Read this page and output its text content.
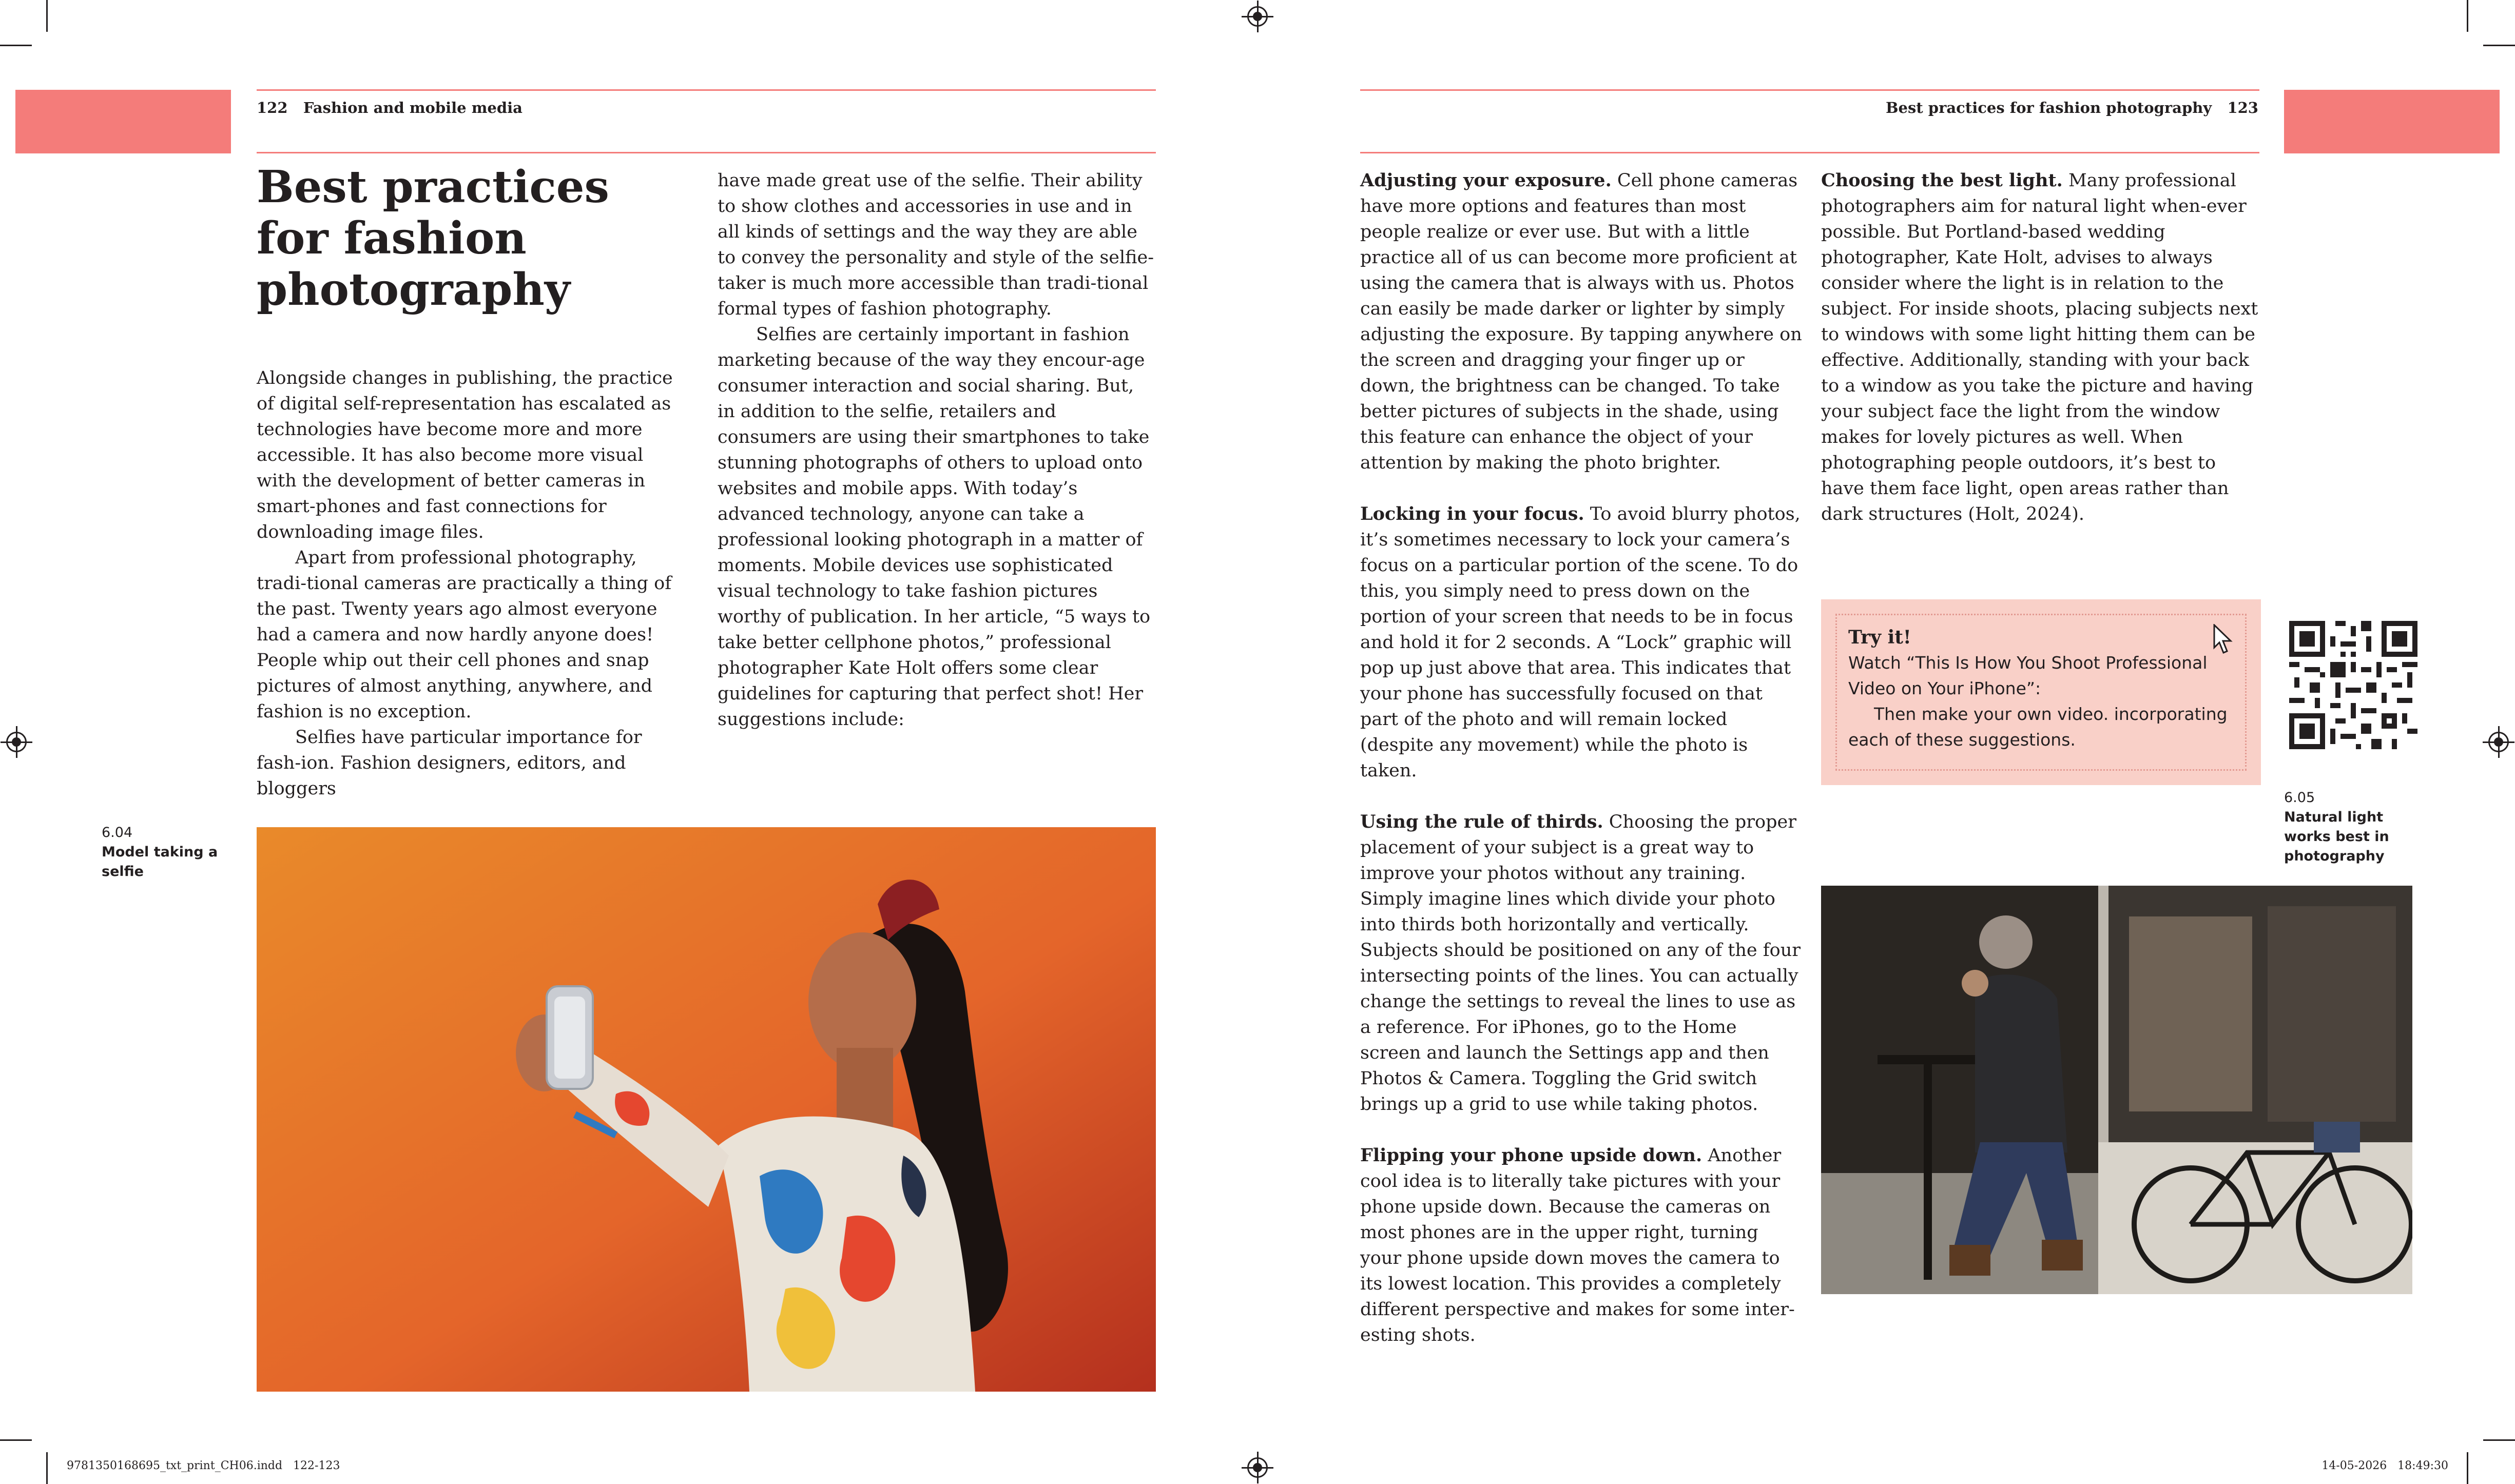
122 Fashion and mobile media	Best practices for fashion photography 123
Best practices for fashion photography

Alongside changes in publishing, the practice of digital self-representation has escalated as technologies have become more and more accessible. It has also become more visual with the development of better cameras in smart-phones and fast connections for downloading image files.

Apart from professional photography, tradi-tional cameras are practically a thing of the past. Twenty years ago almost everyone had a camera and now hardly anyone does! People whip out their cell phones and snap pictures of almost anything, anywhere, and fashion is no exception.

Selfies have particular importance for fash-ion. Fashion designers, editors, and bloggers

have made great use of the selfie. Their ability to show clothes and accessories in use and in all kinds of settings and the way they are able to convey the personality and style of the selfie-taker is much more accessible than tradi-tional formal types of fashion photography.

Selfies are certainly important in fashion marketing because of the way they encour-age consumer interaction and social sharing. But, in addition to the selfie, retailers and consumers are using their smartphones to take stunning photographs of others to upload onto websites and mobile apps. With today’s advanced technology, anyone can take a professional looking photograph in a matter of moments. Mobile devices use sophisticated visual technology to take fashion pictures worthy of publication. In her article, “5 ways to take better cellphone photos,” professional photographer Kate Holt offers some clear guidelines for capturing that perfect shot! Her suggestions include:

Adjusting your exposure. Cell phone cameras have more options and features than most people realize or ever use. But with a little practice all of us can become more proficient at using the camera that is always with us. Photos can easily be made darker or lighter by simply adjusting the exposure. By tapping anywhere on the screen and dragging your finger up or down, the brightness can be changed. To take better pictures of subjects in the shade, using this feature can enhance the object of your attention by making the photo brighter.

Locking in your focus. To avoid blurry photos, it’s sometimes necessary to lock your camera’s focus on a particular portion of the scene. To do this, you simply need to press down on the portion of your screen that needs to be in focus and hold it for 2 seconds. A “Lock” graphic will pop up just above that area. This indicates that your phone has successfully focused on that part of the photo and will remain locked (despite any movement) while the photo is taken.

Using the rule of thirds. Choosing the proper placement of your subject is a great way to improve your photos without any training. Simply imagine lines which divide your photo into thirds both horizontally and vertically. Subjects should be positioned on any of the four intersecting points of the lines. You can actually change the settings to reveal the lines to use as a reference. For iPhones, go to the Home screen and launch the Settings app and then Photos & Camera. Toggling the Grid switch brings up a grid to use while taking photos.

Flipping your phone upside down. Another cool idea is to literally take pictures with your phone upside down. Because the cameras on most phones are in the upper right, turning your phone upside down moves the camera to its lowest location. This provides a completely different perspective and makes for some inter-esting shots.

Choosing the best light. Many professional photographers aim for natural light when-ever possible. But Portland-based wedding photographer, Kate Holt, advises to always consider where the light is in relation to the subject. For inside shoots, placing subjects next to windows with some light hitting them can be effective. Additionally, standing with your back to a window as you take the picture and having your subject face the light from the window makes for lovely pictures as well. When photographing people outdoors, it’s best to have them face light, open areas rather than dark structures (Holt, 2024).

Try it!
Watch “This Is How You Shoot Professional Video on Your iPhone”:
Then make your own video. incorporating each of these suggestions.
6.04
Model taking a selfie
6.05
Natural light works best in photography
9781350168695_txt_print_CH06.indd   122-123	14-05-2026   18:49:30
